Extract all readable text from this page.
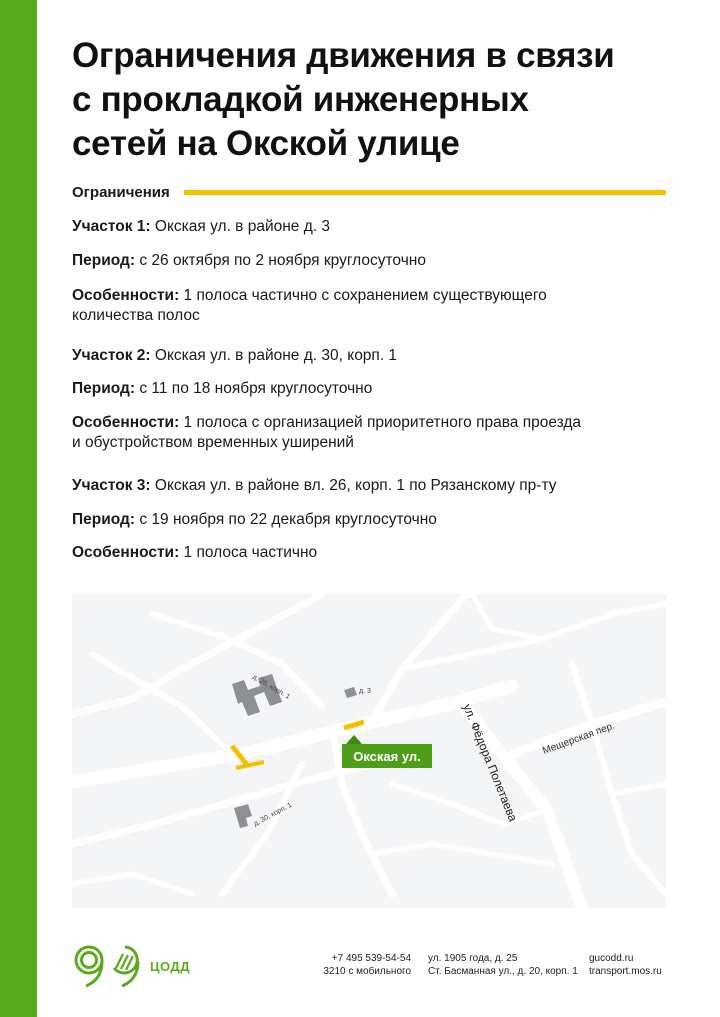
Ограничения движения в связи
с прокладкой инженерных
сетей на Окской улице
Ограничения
Участок 1: Окская ул. в районе д. 3
Период: с 26 октября по 2 ноября круглосуточно
Особенности: 1 полоса частично с сохранением существующего
количества полос
Участок 2: Окская ул. в районе д. 30, корп. 1
Период: с 11 по 18 ноября круглосуточно
Особенности: 1 полоса с организацией приоритетного права проезда
и обустройством временных уширений
Участок 3: Окская ул. в районе вл. 26, корп. 1 по Рязанскому пр-ту
Период: с 19 ноября по 22 декабря круглосуточно
Особенности: 1 полоса частично
д. 26, корп. 1	д. 3
д. 30, корп. 1	ул. Фёдора Полетаева Мещерская пер.
Окская ул.
ЦОДД	+7 495 539-54-54
3210 с мобильного
ул. 1905 года, д. 25
Ст. Басманная ул., д. 20, корп. 1
gucodd.ru
transport.mos.ru
